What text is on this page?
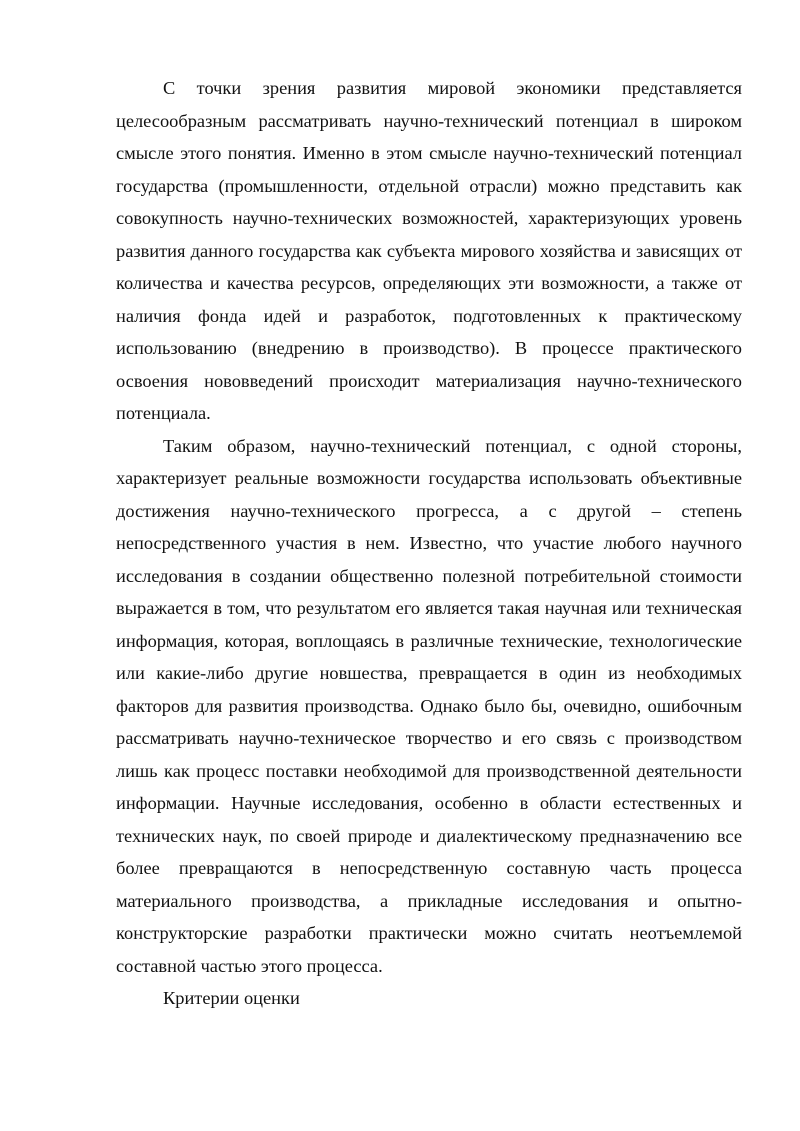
С точки зрения развития мировой экономики представляется целесообразным рассматривать научно-технический потенциал в широком смысле этого понятия. Именно в этом смысле научно-технический потенциал государства (промышленности, отдельной отрасли) можно представить как совокупность научно-технических возможностей, характеризующих уровень развития данного государства как субъекта мирового хозяйства и зависящих от количества и качества ресурсов, определяющих эти возможности, а также от наличия фонда идей и разработок, подготовленных к практическому использованию (внедрению в производство). В процессе практического освоения нововведений происходит материализация научно-технического потенциала.

Таким образом, научно-технический потенциал, с одной стороны, характеризует реальные возможности государства использовать объективные достижения научно-технического прогресса, а с другой – степень непосредственного участия в нем. Известно, что участие любого научного исследования в создании общественно полезной потребительной стоимости выражается в том, что результатом его является такая научная или техническая информация, которая, воплощаясь в различные технические, технологические или какие-либо другие новшества, превращается в один из необходимых факторов для развития производства. Однако было бы, очевидно, ошибочным рассматривать научно-техническое творчество и его связь с производством лишь как процесс поставки необходимой для производственной деятельности информации. Научные исследования, особенно в области естественных и технических наук, по своей природе и диалектическому предназначению все более превращаются в непосредственную составную часть процесса материального производства, а прикладные исследования и опытно-конструкторские разработки практически можно считать неотъемлемой составной частью этого процесса.

Критерии оценки
